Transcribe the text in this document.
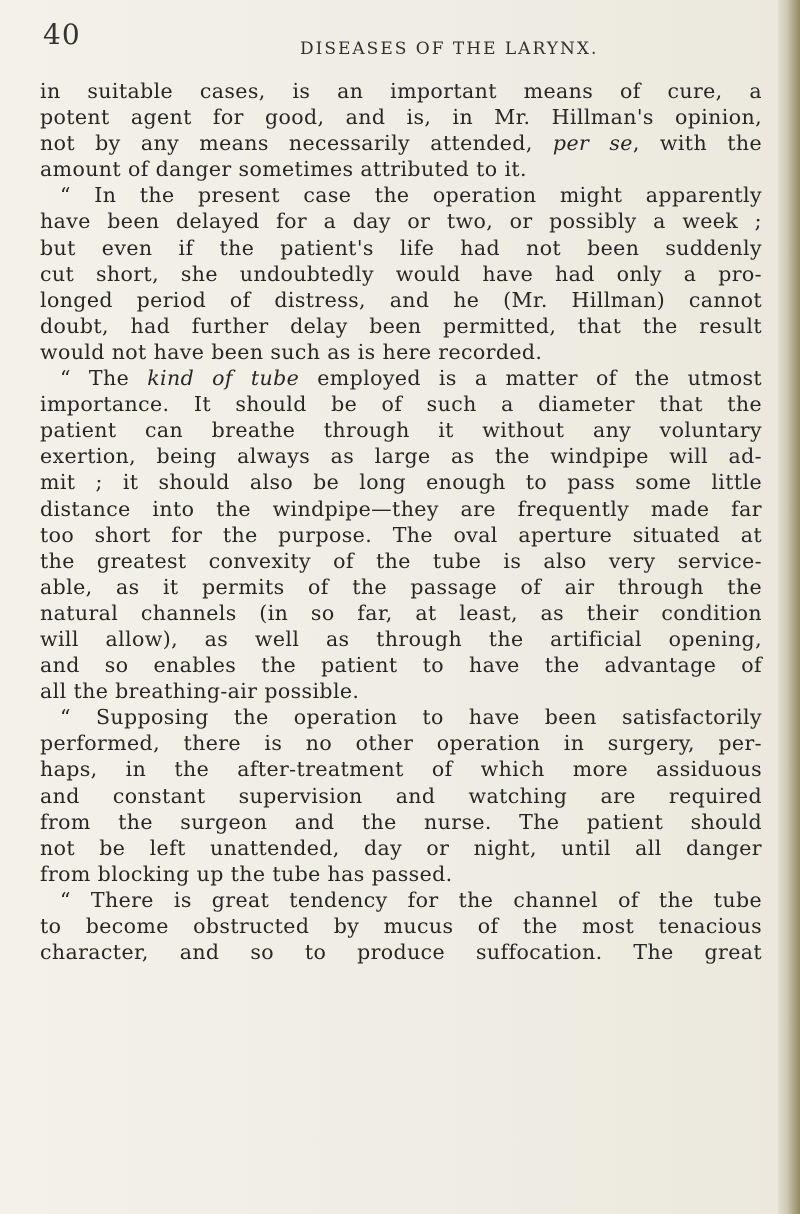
40	DISEASES OF THE LARYNX.
in suitable cases, is an important means of cure, a
potent agent for good, and is, in Mr. Hillman's opinion,
not by any means necessarily attended, per se, with the
amount of danger sometimes attributed to it.
“ In the present case the operation might apparently
have been delayed for a day or two, or possibly a week ;
but even if the patient's life had not been suddenly
cut short, she undoubtedly would have had only a pro-
longed period of distress, and he (Mr. Hillman) cannot
doubt, had further delay been permitted, that the result
would not have been such as is here recorded.
“ The kind of tube employed is a matter of the utmost
importance. It should be of such a diameter that the
patient can breathe through it without any voluntary
exertion, being always as large as the windpipe will ad-
mit ; it should also be long enough to pass some little
distance into the windpipe—they are frequently made far
too short for the purpose. The oval aperture situated at
the greatest convexity of the tube is also very service-
able, as it permits of the passage of air through the
natural channels (in so far, at least, as their condition
will allow), as well as through the artificial opening,
and so enables the patient to have the advantage of
all the breathing-air possible.
“ Supposing the operation to have been satisfactorily
performed, there is no other operation in surgery, per-
haps, in the after-treatment of which more assiduous
and constant supervision and watching are required
from the surgeon and the nurse. The patient should
not be left unattended, day or night, until all danger
from blocking up the tube has passed.
“ There is great tendency for the channel of the tube
to become obstructed by mucus of the most tenacious
character, and so to produce suffocation. The great
